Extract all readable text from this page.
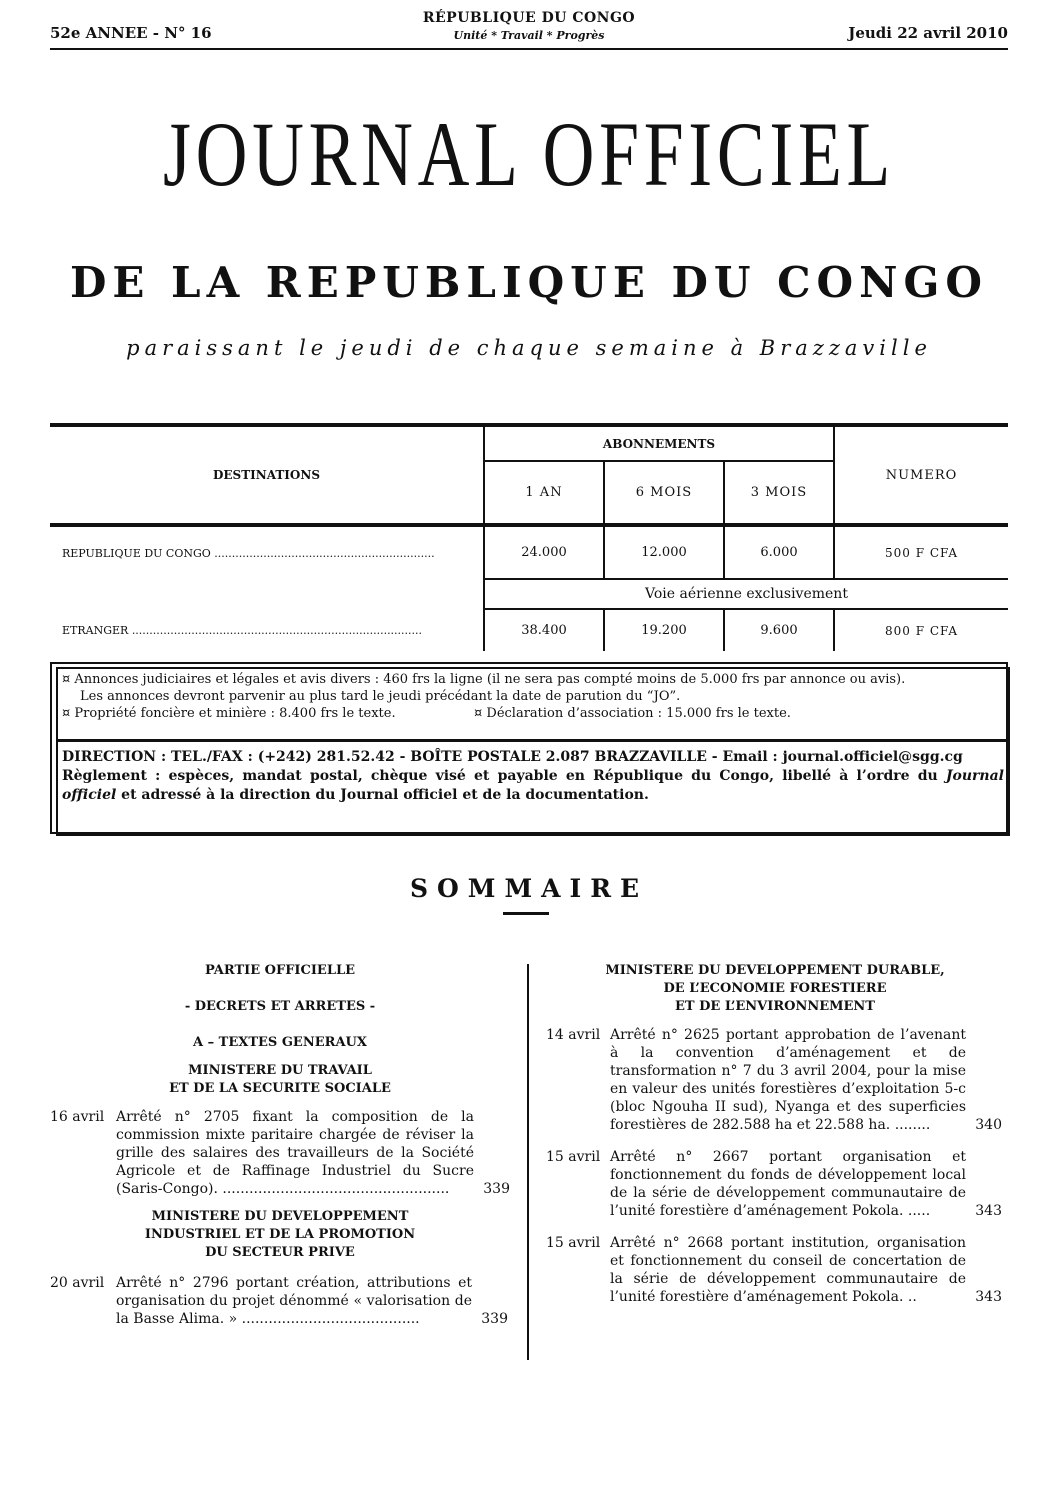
52e ANNEE - N° 16
RÉPUBLIQUE DU CONGO
Unité * Travail * Progrès	Jeudi 22 avril 2010
JOURNAL OFFICIEL
DE LA REPUBLIQUE DU CONGO
paraissant le jeudi de chaque semaine à Brazzaville
DESTINATIONS	ABONNEMENTS			NUMERO
	1 AN	6 MOIS	3 MOIS	
REPUBLIQUE DU CONGO ...............................................................	24.000	12.000	6.000	500 F CFA
	Voie aérienne exclusivement			
ETRANGER ...................................................................................	38.400	19.200	9.600	800 F CFA
¤ Annonces judiciaires et légales et avis divers : 460 frs la ligne (il ne sera pas compté moins de 5.000 frs par annonce ou avis).
Les annonces devront parvenir au plus tard le jeudi précédant la date de parution du “JO”.
¤ Propriété foncière et minière : 8.400 frs le texte.	¤ Déclaration d’association : 15.000 frs le texte.
DIRECTION : TEL./FAX : (+242) 281.52.42 - BOÎTE POSTALE 2.087 BRAZZAVILLE - Email : journal.officiel@sgg.cg
Règlement : espèces, mandat postal, chèque visé et payable en République du Congo, libellé à l’ordre du Journal officiel et adressé à la direction du Journal officiel et de la documentation.
SOMMAIRE
PARTIE OFFICIELLE
- DECRETS ET ARRETES -
A – TEXTES GENERAUX
MINISTERE DU TRAVAIL
ET DE LA SECURITE SOCIALE
16 avril Arrêté n° 2705 fixant la composition de la commission mixte paritaire chargée de réviser la grille des salaires des travailleurs de la Société Agricole et de Raffinage Industriel du Sucre (Saris-Congo). ................................................... 339
MINISTERE DU DEVELOPPEMENT
INDUSTRIEL ET DE LA PROMOTION
DU SECTEUR PRIVE
20 avril Arrêté n° 2796 portant création, attributions et organisation du projet dénommé « valorisation de la Basse Alima. » ........................................	339
MINISTERE DU DEVELOPPEMENT DURABLE,
DE L’ECONOMIE FORESTIERE
ET DE L’ENVIRONNEMENT
14 avril Arrêté n° 2625 portant approbation de l’avenant à la convention d’aménagement et de transformation n° 7 du 3 avril 2004, pour la mise en valeur des unités forestières d’exploitation 5-c (bloc Ngouha II sud), Nyanga et des superficies forestières de 282.588 ha et 22.588 ha. ........	340
15 avril Arrêté n° 2667 portant organisation et fonctionnement du fonds de développement local de la série de développement communautaire de l’unité forestière d’aménagement Pokola. .....	343
15 avril Arrêté n° 2668 portant institution, organisation et fonctionnement du conseil de concertation de la série de développement communautaire de l’unité forestière d’aménagement Pokola. ..	343
